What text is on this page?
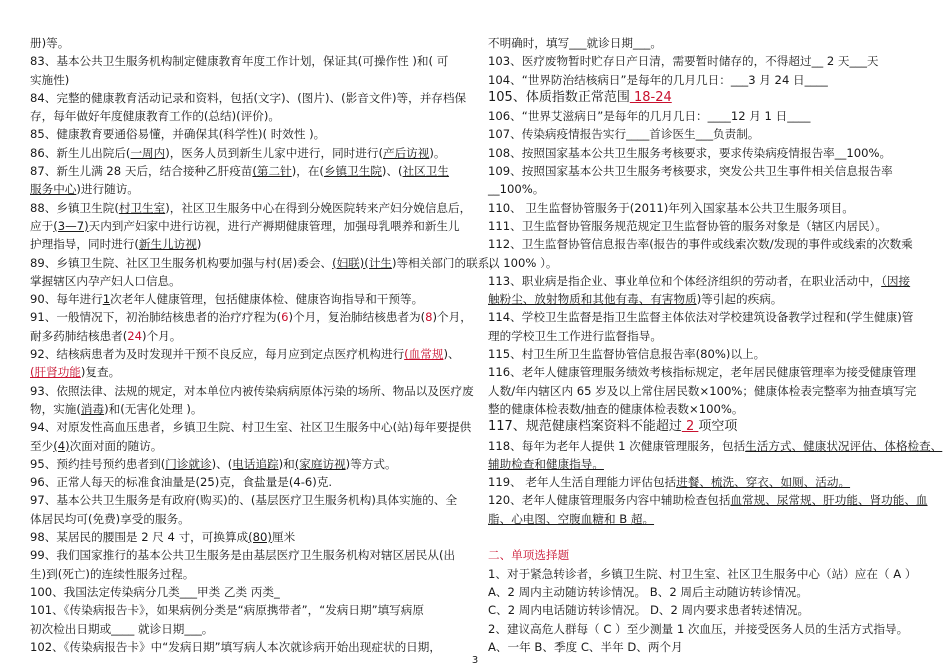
册)等。
83、基本公共卫生服务机构制定健康教育年度工作计划，保证其(可操作性 )和( 可
实施性)
84、完整的健康教育活动记录和资料，包括(文字)、(图片)、(影音文件)等，并存档保
存，每年做好年度健康教育工作的(总结)(评价)。
85、健康教育要通俗易懂，并确保其(科学性)( 时效性 )。
86、新生儿出院后(一周内)，医务人员到新生儿家中进行，同时进行(产后访视)。
87、新生儿满 28 天后，结合接种乙肝疫苗(第二针)，在(乡镇卫生院)、(社区卫生
服务中心)进行随访。
88、乡镇卫生院(村卫生室)，社区卫生服务中心在得到分娩医院转来产妇分娩信息后，
应于(3—7)天内到产妇家中进行访视，进行产褥期健康管理，加强母乳喂养和新生儿
护理指导，同时进行(新生儿访视)
89、乡镇卫生院、社区卫生服务机构要加强与村(居)委会、(妇联)(计生)等相关部门的联系，
掌握辖区内孕产妇人口信息。
90、每年进行1次老年人健康管理，包括健康体检、健康咨询指导和干预等。
91、一般情况下，初治肺结核患者的治疗疗程为(6)个月，复治肺结核患者为(8)个月，
耐多药肺结核患者(24)个月。
92、结核病患者为及时发现并干预不良反应，每月应到定点医疗机构进行(血常规)、
(肝肾功能)复查。
93、依照法律、法规的规定，对本单位内被传染病病原体污染的场所、物品以及医疗废
物，实施(消毒)和(无害化处理 )。
94、对原发性高血压患者，乡镇卫生院、村卫生室、社区卫生服务中心(站)每年要提供
至少(4)次面对面的随访。
95、预约挂号预约患者到(门诊就诊)、(电话追踪)和(家庭访视)等方式。
96、正常人每天的标准食油量是(25)克，食盐量是(4-6)克.
97、基本公共卫生服务是有政府(购买)的、(基层医疗卫生服务机构)具体实施的、全
体居民均可(免费)享受的服务。
98、某居民的腰围是 2 尺 4 寸，可换算成(80)厘米
99、我们国家推行的基本公共卫生服务是由基层医疗卫生服务机构对辖区居民从(出
生)到(死亡)的连续性服务过程。
100、我国法定传染病分几类___甲类 乙类 丙类_
101、《传染病报告卡》，如果病例分类是“病原携带者”，“发病日期”填写病原
初次检出日期或____ 就诊日期___。
102、《传染病报告卡》中“发病日期”填写病人本次就诊病开始出现症状的日期，
不明确时，填写___就诊日期___。
103、医疗废物暂时贮存日产日清，需要暂时储存的，不得超过__ 2 天___天
104、“世界防治结核病日”是每年的几月几日：___3 月 24 日____
105、体质指数正常范围 18-24
106、“世界艾滋病日”是每年的几月几日：____12 月 1 日____
107、传染病疫情报告实行____首诊医生___负责制。
108、按照国家基本公共卫生服务考核要求，要求传染病疫情报告率__100%。
109、按照国家基本公共卫生服务考核要求，突发公共卫生事件相关信息报告率
__100%。
110、 卫生监督协管服务于(2011)年列入国家基本公共卫生服务项目。
111、卫生监督协管服务规范规定卫生监督协管的服务对象是（辖区内居民）。
112、卫生监督协管信息报告率(报告的事件或线索次数/发现的事件或线索的次数乘
以 100% ）。
113、职业病是指企业、事业单位和个体经济组织的劳动者，在职业活动中，（因接
触粉尘、放射物质和其他有毒、有害物质)等引起的疾病。
114、学校卫生监督是指卫生监督主体依法对学校建筑设备教学过程和(学生健康)管
理的学校卫生工作进行监督指导。
115、村卫生所卫生监督协管信息报告率(80%)以上。
116、老年人健康管理服务绩效考核指标规定，老年居民健康管理率为接受健康管理
人数/年内辖区内 65 岁及以上常住居民数×100%；健康体检表完整率为抽查填写完
整的健康体检表数/抽查的健康体检表数×100%。
117、规范健康档案资料不能超过 2 项空项
118、每年为老年人提供 1 次健康管理服务，包括生活方式、健康状况评估、体格检查、
辅助检查和健康指导。
119、 老年人生活自理能力评估包括进餐、梳洗、穿衣、如厕、活动。
120、老年人健康管理服务内容中辅助检查包括血常规、尿常规、肝功能、肾功能、血
脂、心电图、空腹血糖和 B 超。

二、单项选择题
1、对于紧急转诊者，乡镇卫生院、村卫生室、社区卫生服务中心（站）应在（ A ）
A、2 周内主动随访转诊情况。 B、2 周后主动随访转诊情况。
C、2 周内电话随访转诊情况。 D、2 周内要求患者转述情况。
2、建议高危人群每（ C ）至少测量 1 次血压，并接受医务人员的生活方式指导。
A、一年 B、季度 C、半年 D、两个月
3
